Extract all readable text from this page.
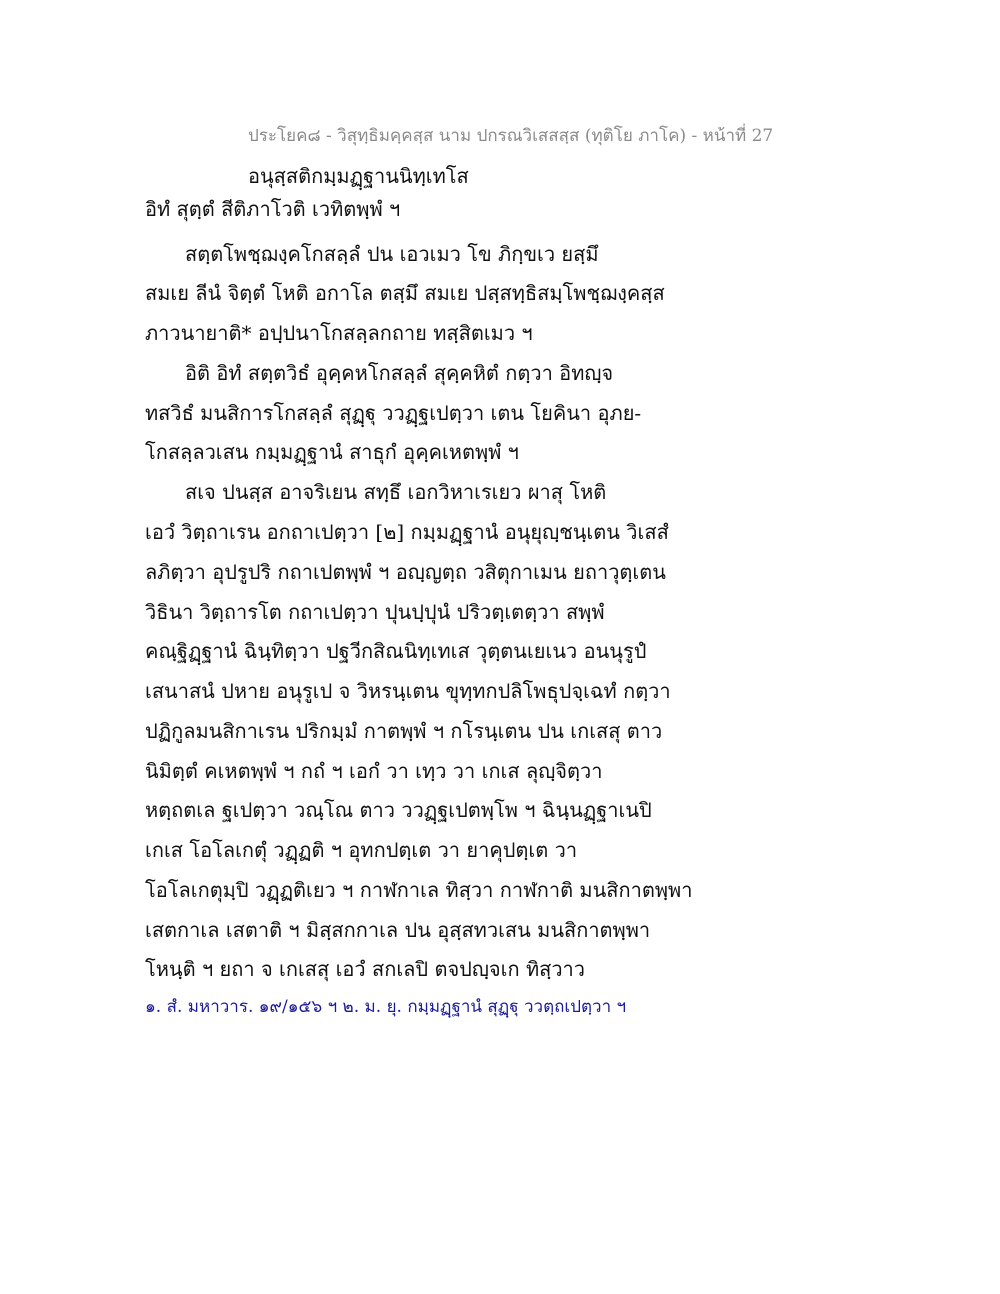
ประโยค๘ - วิสุทฺธิมคฺคสฺส นาม ปกรณวิเสสสฺส (ทุติโย ภาโค) - หน้าที่ 27
อนุสฺสติกมฺมฏฺฐานนิทฺเทโส
อิทํ สุตฺตํ สีติภาโวติ เวทิตพฺพํ ฯ
สตฺตโพชฺฌงฺคโกสลฺลํ ปน เอวเมว โข ภิกฺขเว ยสฺมึ
สมเย ลีนํ จิตฺตํ โหติ อกาโล ตสฺมึ สมเย ปสฺสทฺธิสมฺโพชฺฌงฺคสฺส
ภาวนายาติ* อปฺปนาโกสลฺลกถาย ทสฺสิตเมว ฯ
อิติ อิทํ สตฺตวิธํ อุคฺคหโกสลฺลํ สุคฺคหิตํ กตฺวา อิทญฺจ
ทสวิธํ มนสิการโกสลฺลํ สุฏฺฐุ ววฏฺฐเปตฺวา เตน โยคินา อุภย-
โกสลฺลวเสน กมฺมฏฺฐานํ สาธุกํ อุคฺคเหตพฺพํ ฯ
สเจ ปนสฺส อาจริเยน สทฺธึ เอกวิหาเรเยว ผาสุ โหติ
เอวํ วิตฺถาเรน อกถาเปตฺวา [๒] กมฺมฏฺฐานํ อนุยุญฺชนฺเตน วิเสสํ
ลภิตฺวา อุปรูปริ กถาเปตพฺพํ ฯ อญฺญตฺถ วสิตุกาเมน ยถาวุตฺเตน
วิธินา วิตฺถารโต กถาเปตฺวา ปุนปฺปุนํ ปริวตฺเตตฺวา สพฺพํ
คณฺฐิฏฺฐานํ ฉินฺทิตฺวา ปฐวีกสิณนิทฺเทเส วุตฺตนเยเนว อนนุรูปํ
เสนาสนํ ปหาย อนุรูเป จ วิหรนฺเตน ขุทฺทกปลิโพธุปจฺเฉทํ กตฺวา
ปฏิกูลมนสิกาเรน ปริกมฺมํ กาตพฺพํ ฯ กโรนฺเตน ปน เกเสสุ ตาว
นิมิตฺตํ คเหตพฺพํ ฯ กถํ ฯ เอกํ วา เทฺว วา เกเส ลุญฺจิตฺวา
หตฺถตเล ฐเปตฺวา วณฺโณ ตาว ววฏฺฐเปตพฺโพ ฯ ฉินฺนฏฺฐาเนปิ
เกเส โอโลเกตุํ วฏฺฏติ ฯ อุทกปตฺเต วา ยาคุปตฺเต วา
โอโลเกตุมฺปิ วฏฺฏติเยว ฯ กาฬกาเล ทิสฺวา กาฬกาติ มนสิกาตพฺพา
เสตกาเล เสตาติ ฯ มิสฺสกกาเล ปน อุสฺสทวเสน มนสิกาตพฺพา
โหนฺติ ฯ ยถา จ เกเสสุ เอวํ สกเลปิ ตจปญฺจเก ทิสฺวาว
๑. สํ. มหาวาร. ๑๙/๑๕๖ ฯ ๒. ม. ยุ. กมฺมฏฺฐานํ สุฏฺฐุ ววตฺถเปตฺวา ฯ
